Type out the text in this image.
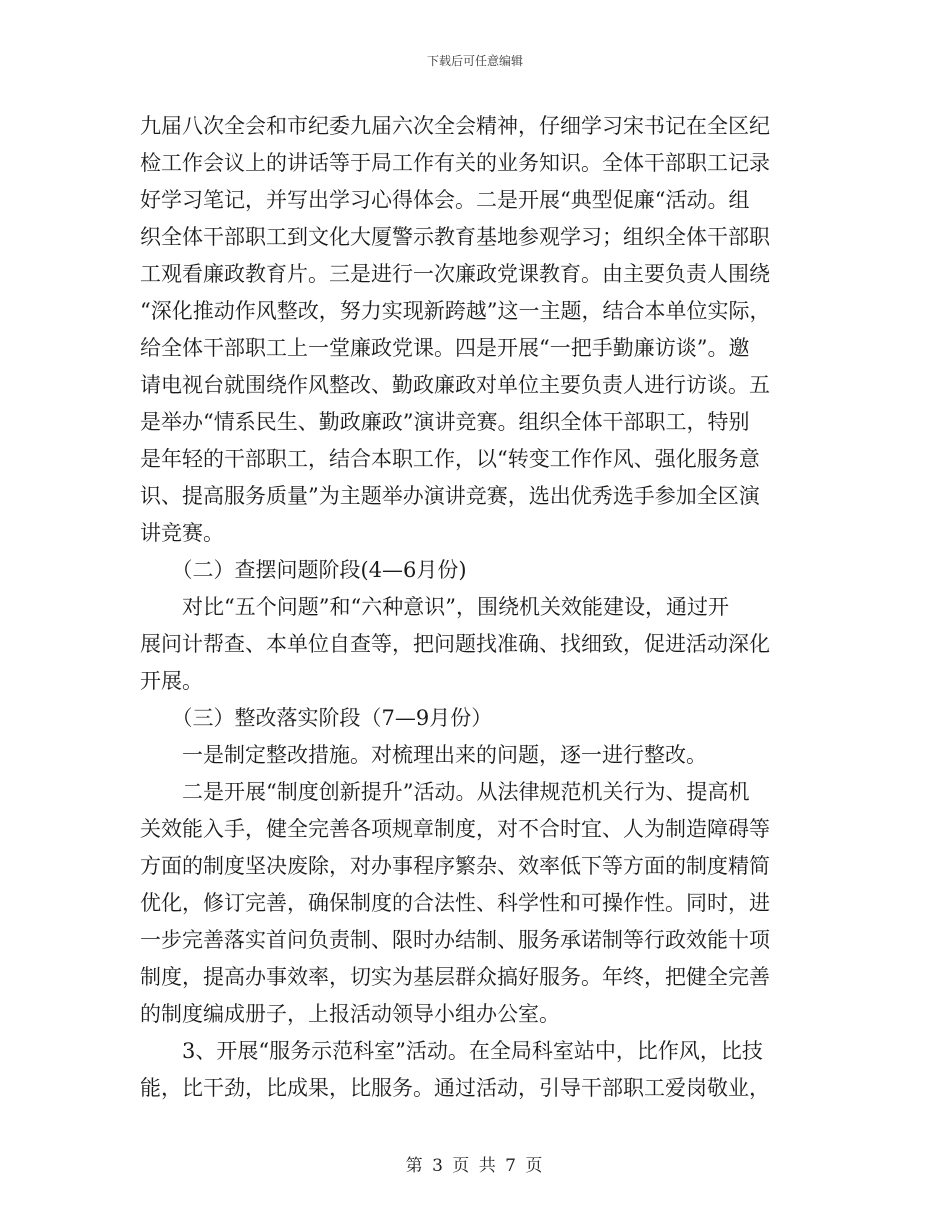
下载后可任意编辑
九届八次全会和市纪委九届六次全会精神，仔细学习宋书记在全区纪
检工作会议上的讲话等于局工作有关的业务知识。全体干部职工记录
好学习笔记，并写出学习心得体会。二是开展“典型促廉“活动。组
织全体干部职工到文化大厦警示教育基地参观学习；组织全体干部职
工观看廉政教育片。三是进行一次廉政党课教育。由主要负责人围绕
“深化推动作风整改，努力实现新跨越”这一主题，结合本单位实际，
给全体干部职工上一堂廉政党课。四是开展“一把手勤廉访谈”。邀
请电视台就围绕作风整改、勤政廉政对单位主要负责人进行访谈。五
是举办“情系民生、勤政廉政”演讲竞赛。组织全体干部职工，特别
是年轻的干部职工，结合本职工作，以“转变工作作风、强化服务意
识、提高服务质量”为主题举办演讲竞赛，选出优秀选手参加全区演
讲竞赛。
　　（二）查摆问题阶段(4—6月份)
　　对比“五个问题”和“六种意识”，围绕机关效能建设，通过开
展问计帮查、本单位自查等，把问题找准确、找细致，促进活动深化
开展。
　　（三）整改落实阶段（7—9月份）
　　一是制定整改措施。对梳理出来的问题，逐一进行整改。
　　二是开展“制度创新提升”活动。从法律规范机关行为、提高机
关效能入手，健全完善各项规章制度，对不合时宜、人为制造障碍等
方面的制度坚决废除，对办事程序繁杂、效率低下等方面的制度精简
优化，修订完善，确保制度的合法性、科学性和可操作性。同时，进
一步完善落实首问负责制、限时办结制、服务承诺制等行政效能十项
制度，提高办事效率，切实为基层群众搞好服务。年终，把健全完善
的制度编成册子，上报活动领导小组办公室。
　　3、开展“服务示范科室”活动。在全局科室站中，比作风，比技
能，比干劲，比成果，比服务。通过活动，引导干部职工爱岗敬业，
第 3 页 共 7 页
